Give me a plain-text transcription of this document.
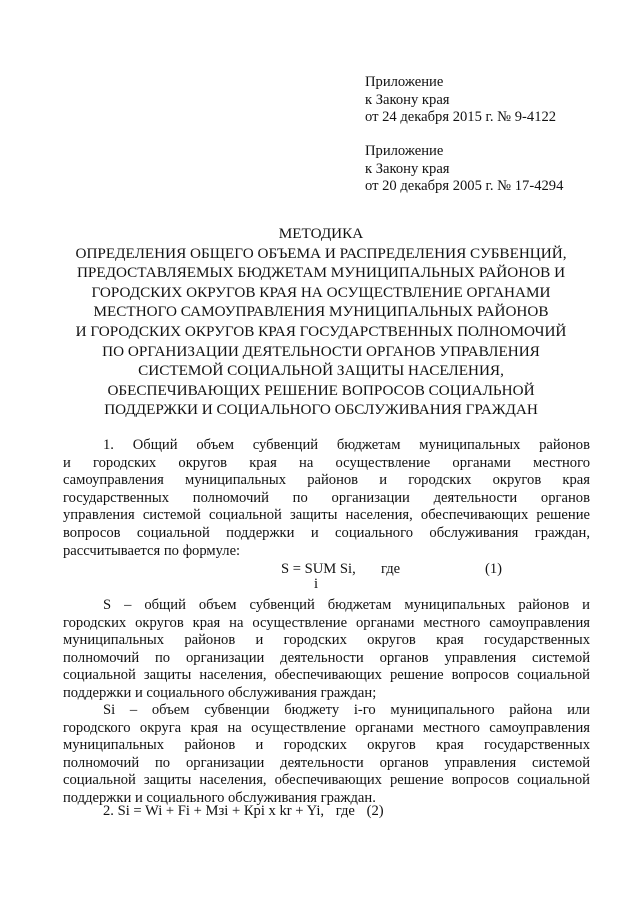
Приложение
к Закону края
от 24 декабря 2015 г. № 9-4122
Приложение
к Закону края
от 20 декабря 2005 г. № 17-4294
МЕТОДИКА
ОПРЕДЕЛЕНИЯ ОБЩЕГО ОБЪЕМА И РАСПРЕДЕЛЕНИЯ СУБВЕНЦИЙ,
ПРЕДОСТАВЛЯЕМЫХ БЮДЖЕТАМ МУНИЦИПАЛЬНЫХ РАЙОНОВ И
ГОРОДСКИХ ОКРУГОВ КРАЯ НА ОСУЩЕСТВЛЕНИЕ ОРГАНАМИ
МЕСТНОГО САМОУПРАВЛЕНИЯ МУНИЦИПАЛЬНЫХ РАЙОНОВ
И ГОРОДСКИХ ОКРУГОВ КРАЯ ГОСУДАРСТВЕННЫХ ПОЛНОМОЧИЙ
ПО ОРГАНИЗАЦИИ ДЕЯТЕЛЬНОСТИ ОРГАНОВ УПРАВЛЕНИЯ
СИСТЕМОЙ СОЦИАЛЬНОЙ ЗАЩИТЫ НАСЕЛЕНИЯ,
ОБЕСПЕЧИВАЮЩИХ РЕШЕНИЕ ВОПРОСОВ СОЦИАЛЬНОЙ
ПОДДЕРЖКИ И СОЦИАЛЬНОГО ОБСЛУЖИВАНИЯ ГРАЖДАН
1. Общий объем субвенций бюджетам муниципальных районов
и городских округов края на осуществление органами местного
самоуправления муниципальных районов и городских округов края
государственных полномочий по организации деятельности органов
управления системой социальной защиты населения, обеспечивающих решение
вопросов социальной поддержки и социального обслуживания граждан,
рассчитывается по формуле:
S = SUM Si,
i
где	(1)
S – общий объем субвенций бюджетам муниципальных районов и
городских округов края на осуществление органами местного самоуправления
муниципальных районов и городских округов края государственных
полномочий по организации деятельности органов управления системой
социальной защиты населения, обеспечивающих решение вопросов социальной
поддержки и социального обслуживания граждан;
Si – объем субвенции бюджету i-го муниципального района или
городского округа края на осуществление органами местного самоуправления
муниципальных районов и городских округов края государственных
полномочий по организации деятельности органов управления системой
социальной защиты населения, обеспечивающих решение вопросов социальной
поддержки и социального обслуживания граждан.
2. Si = Wi + Fi + Мзi + Кpi x kr + Yi, где (2)
